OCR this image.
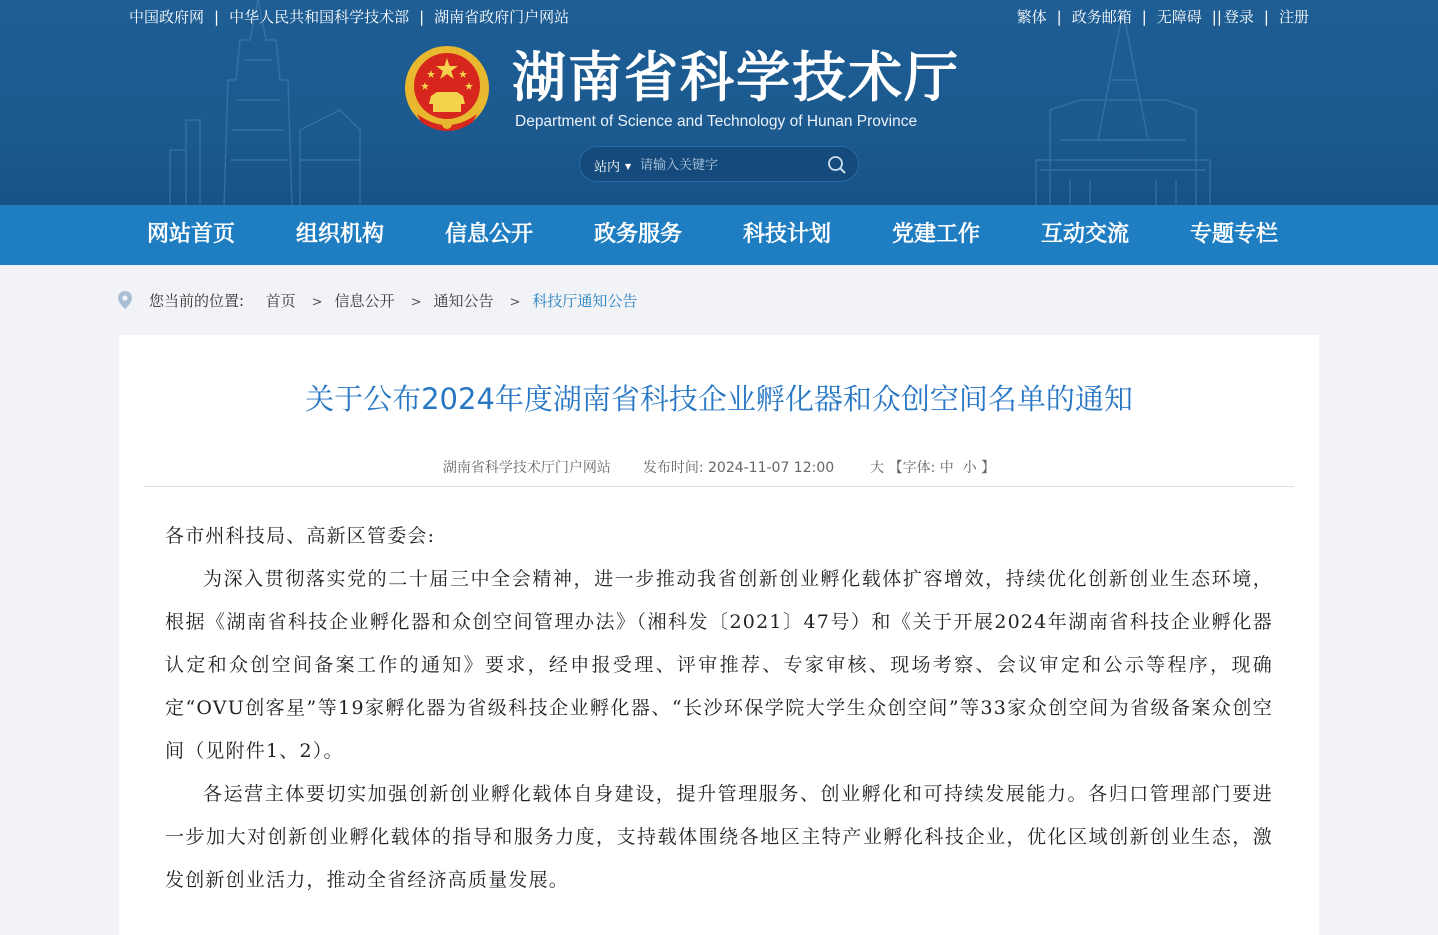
中国政府网 | 中华人民共和国科学技术部 | 湖南省政府门户网站	繁体 | 政务邮箱 | 无障碍 || 登录 | 注册
湖南省科学技术厅
Department of Science and Technology of Hunan Province
站内 ▼
请输入关键字
网站首页	组织机构	信息公开	政务服务	科技计划	党建工作	互动交流	专题专栏
您当前的位置: 首页 > 信息公开 > 通知公告 > 科技厅通知公告
关于公布2024年度湖南省科技企业孵化器和众创空间名单的通知
湖南省科学技术厅门户网站 发布时间: 2024-11-07 12:00	大 【字体: 中 小 】

各市州科技局、高新区管委会:

为深入贯彻落实党的二十届三中全会精神，进一步推动我省创新创业孵化载体扩容增效，持续优化创新创业生态环境，根据《湖南省科技企业孵化器和众创空间管理办法》（湘科发〔2021〕47号）和《关于开展2024年湖南省科技企业孵化器认定和众创空间备案工作的通知》要求，经申报受理、评审推荐、专家审核、现场考察、会议审定和公示等程序，现确定“OVU创客星”等19家孵化器为省级科技企业孵化器、“长沙环保学院大学生众创空间”等33家众创空间为省级备案众创空间（见附件1、2）。

各运营主体要切实加强创新创业孵化载体自身建设，提升管理服务、创业孵化和可持续发展能力。各归口管理部门要进一步加大对创新创业孵化载体的指导和服务力度，支持载体围绕各地区主特产业孵化科技企业，优化区域创新创业生态，激发创新创业活力，推动全省经济高质量发展。
